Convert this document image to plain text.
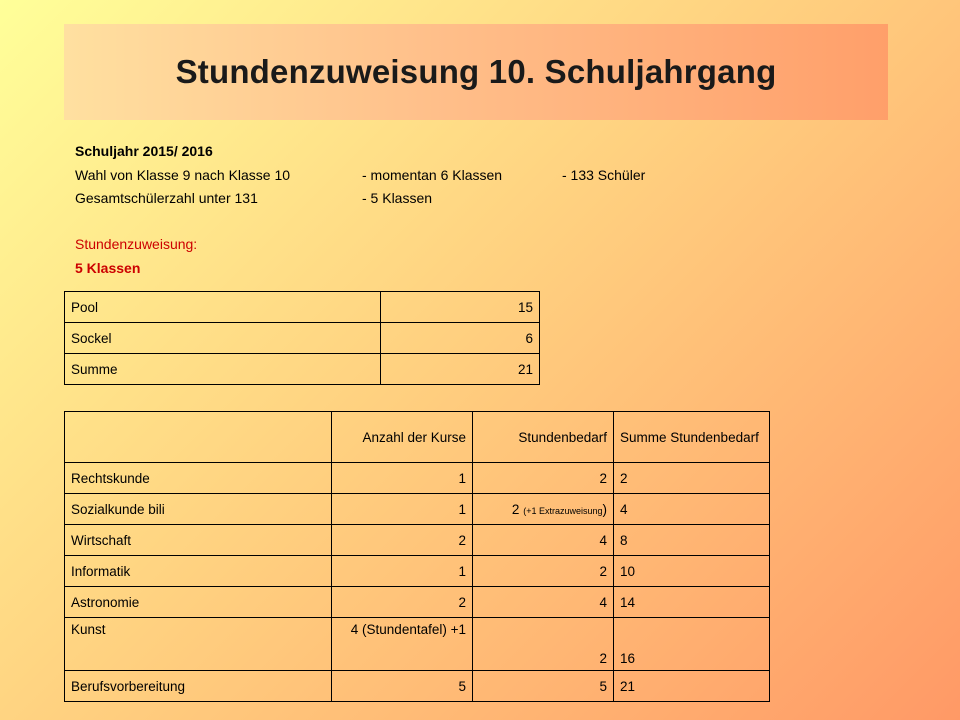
Stundenzuweisung 10. Schuljahrgang
Schuljahr 2015/ 2016
Wahl von Klasse 9 nach Klasse 10	- momentan 6 Klassen	- 133 Schüler
Gesamtschülerzahl unter 131	- 5 Klassen
Stundenzuweisung:
5 Klassen
Pool	15
Sockel	6
Summe	21
	Anzahl der Kurse	Stundenbedarf	Summe Stundenbedarf
Rechtskunde	1	2	2
Sozialkunde bili	1	2 (+1 Extrazuweisung)	4
Wirtschaft	2	4	8
Informatik	1	2	10
Astronomie	2	4	14
Kunst	4 (Stundentafel) +1	2	16
Berufsvorbereitung	5	5	21
